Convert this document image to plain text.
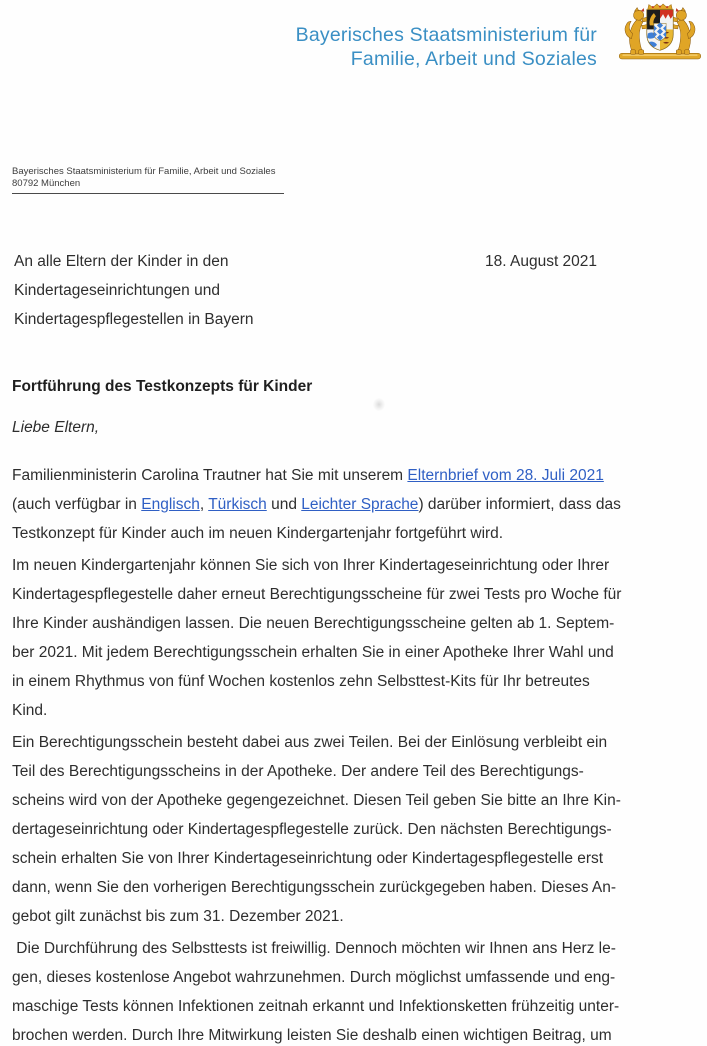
Bayerisches Staatsministerium für
Familie, Arbeit und Soziales
Bayerisches Staatsministerium für Familie, Arbeit und Soziales
80792 München
An alle Eltern der Kinder in den
Kindertageseinrichtungen und
Kindertagespflegestellen in Bayern
18. August 2021
Fortführung des Testkonzepts für Kinder
Liebe Eltern,
Familienministerin Carolina Trautner hat Sie mit unserem Elternbrief vom 28. Juli 2021
(auch verfügbar in Englisch, Türkisch und Leichter Sprache) darüber informiert, dass das
Testkonzept für Kinder auch im neuen Kindergartenjahr fortgeführt wird.
Im neuen Kindergartenjahr können Sie sich von Ihrer Kindertageseinrichtung oder Ihrer
Kindertagespflegestelle daher erneut Berechtigungsscheine für zwei Tests pro Woche für
Ihre Kinder aushändigen lassen. Die neuen Berechtigungsscheine gelten ab 1. Septem-
ber 2021. Mit jedem Berechtigungsschein erhalten Sie in einer Apotheke Ihrer Wahl und
in einem Rhythmus von fünf Wochen kostenlos zehn Selbsttest-Kits für Ihr betreutes
Kind.
Ein Berechtigungsschein besteht dabei aus zwei Teilen. Bei der Einlösung verbleibt ein
Teil des Berechtigungsscheins in der Apotheke. Der andere Teil des Berechtigungs-
scheins wird von der Apotheke gegengezeichnet. Diesen Teil geben Sie bitte an Ihre Kin-
dertageseinrichtung oder Kindertagespflegestelle zurück. Den nächsten Berechtigungs-
schein erhalten Sie von Ihrer Kindertageseinrichtung oder Kindertagespflegestelle erst
dann, wenn Sie den vorherigen Berechtigungsschein zurückgegeben haben. Dieses An-
gebot gilt zunächst bis zum 31. Dezember 2021.
Die Durchführung des Selbsttests ist freiwillig. Dennoch möchten wir Ihnen ans Herz le-
gen, dieses kostenlose Angebot wahrzunehmen. Durch möglichst umfassende und eng-
maschige Tests können Infektionen zeitnah erkannt und Infektionsketten frühzeitig unter-
brochen werden. Durch Ihre Mitwirkung leisten Sie deshalb einen wichtigen Beitrag, um
